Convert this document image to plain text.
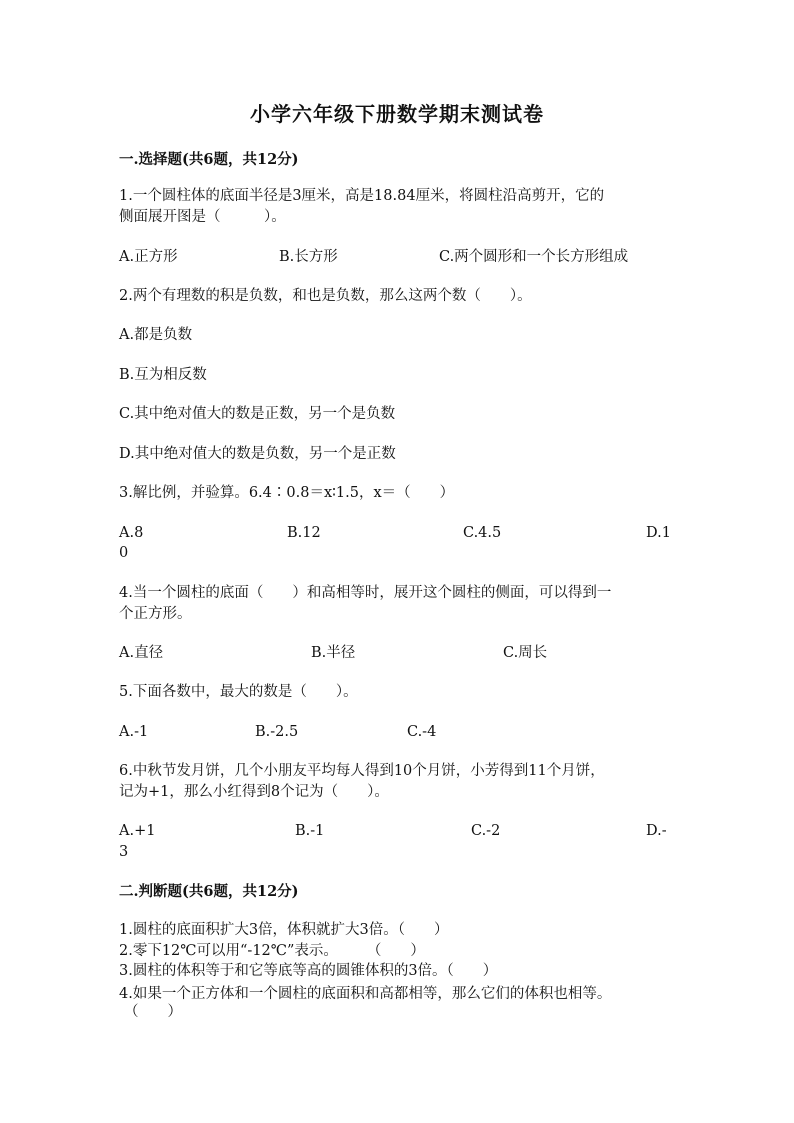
小学六年级下册数学期末测试卷
一.选择题(共6题，共12分)
1.一个圆柱体的底面半径是3厘米，高是18.84厘米，将圆柱沿高剪开，它的
侧面展开图是（　　　）。
A.正方形	B.长方形	C.两个圆形和一个长方形组成
2.两个有理数的积是负数，和也是负数，那么这两个数（　　）。
A.都是负数
B.互为相反数
C.其中绝对值大的数是正数，另一个是负数
D.其中绝对值大的数是负数，另一个是正数
3.解比例，并验算。6.4∶0.8＝x∶1.5，x＝（　　）
A.8	B.12	C.4.5	D.1
0
4.当一个圆柱的底面（　　）和高相等时，展开这个圆柱的侧面，可以得到一
个正方形。
A.直径	B.半径	C.周长
5.下面各数中，最大的数是（　　）。
A.-1	B.-2.5	C.-4
6.中秋节发月饼，几个小朋友平均每人得到10个月饼，小芳得到11个月饼，
记为+1，那么小红得到8个记为（　　）。
A.+1	B.-1	C.-2	D.-
3
二.判断题(共6题，共12分)
1.圆柱的底面积扩大3倍，体积就扩大3倍。（　　）
2.零下12℃可以用“-12℃”表示。　　　（　　）
3.圆柱的体积等于和它等底等高的圆锥体积的3倍。（　　）
4.如果一个正方体和一个圆柱的底面积和高都相等，那么它们的体积也相等。
（　　）
